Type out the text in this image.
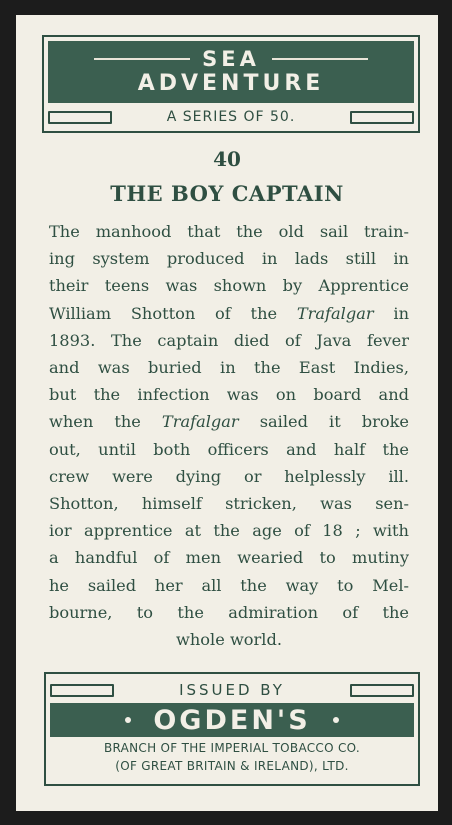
SEA
ADVENTURE
A SERIES OF 50.
40
THE BOY CAPTAIN
The manhood that the old sail train-
ing system produced in lads still in
their teens was shown by Apprentice
William Shotton of the Trafalgar in
1893. The captain died of Java fever
and was buried in the East Indies,
but the infection was on board and
when the Trafalgar sailed it broke
out, until both officers and half the
crew were dying or helplessly ill.
Shotton, himself stricken, was sen-
ior apprentice at the age of 18 ; with
a handful of men wearied to mutiny
he sailed her all the way to Mel-
bourne, to the admiration of the
whole world.
ISSUED BY
OGDEN'S
BRANCH OF THE IMPERIAL TOBACCO CO.
(OF GREAT BRITAIN & IRELAND), LTD.
